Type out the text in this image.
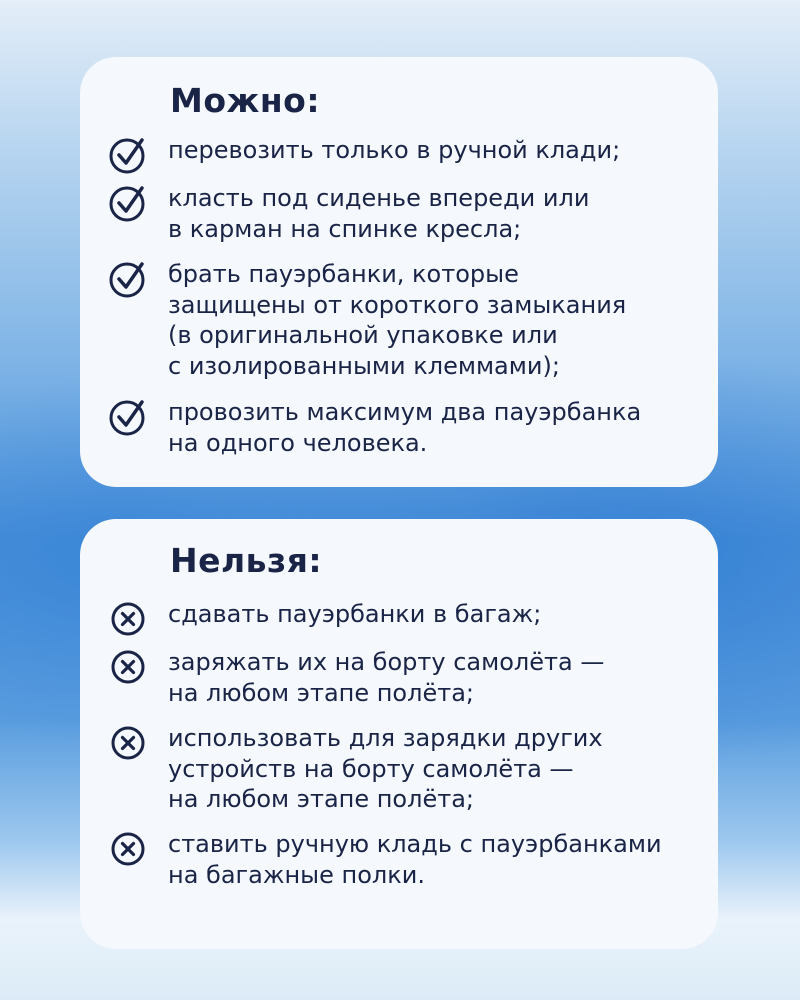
Можно:

перевозить только в ручной клади;

класть под сиденье впереди или
в карман на спинке кресла;

брать пауэрбанки, которые
защищены от короткого замыкания
(в оригинальной упаковке или
с изолированными клеммами);

провозить максимум два пауэрбанка
на одного человека.

Нельзя:

сдавать пауэрбанки в багаж;

заряжать их на борту самолёта —
на любом этапе полёта;

использовать для зарядки других
устройств на борту самолёта —
на любом этапе полёта;

ставить ручную кладь с пауэрбанками
на багажные полки.
